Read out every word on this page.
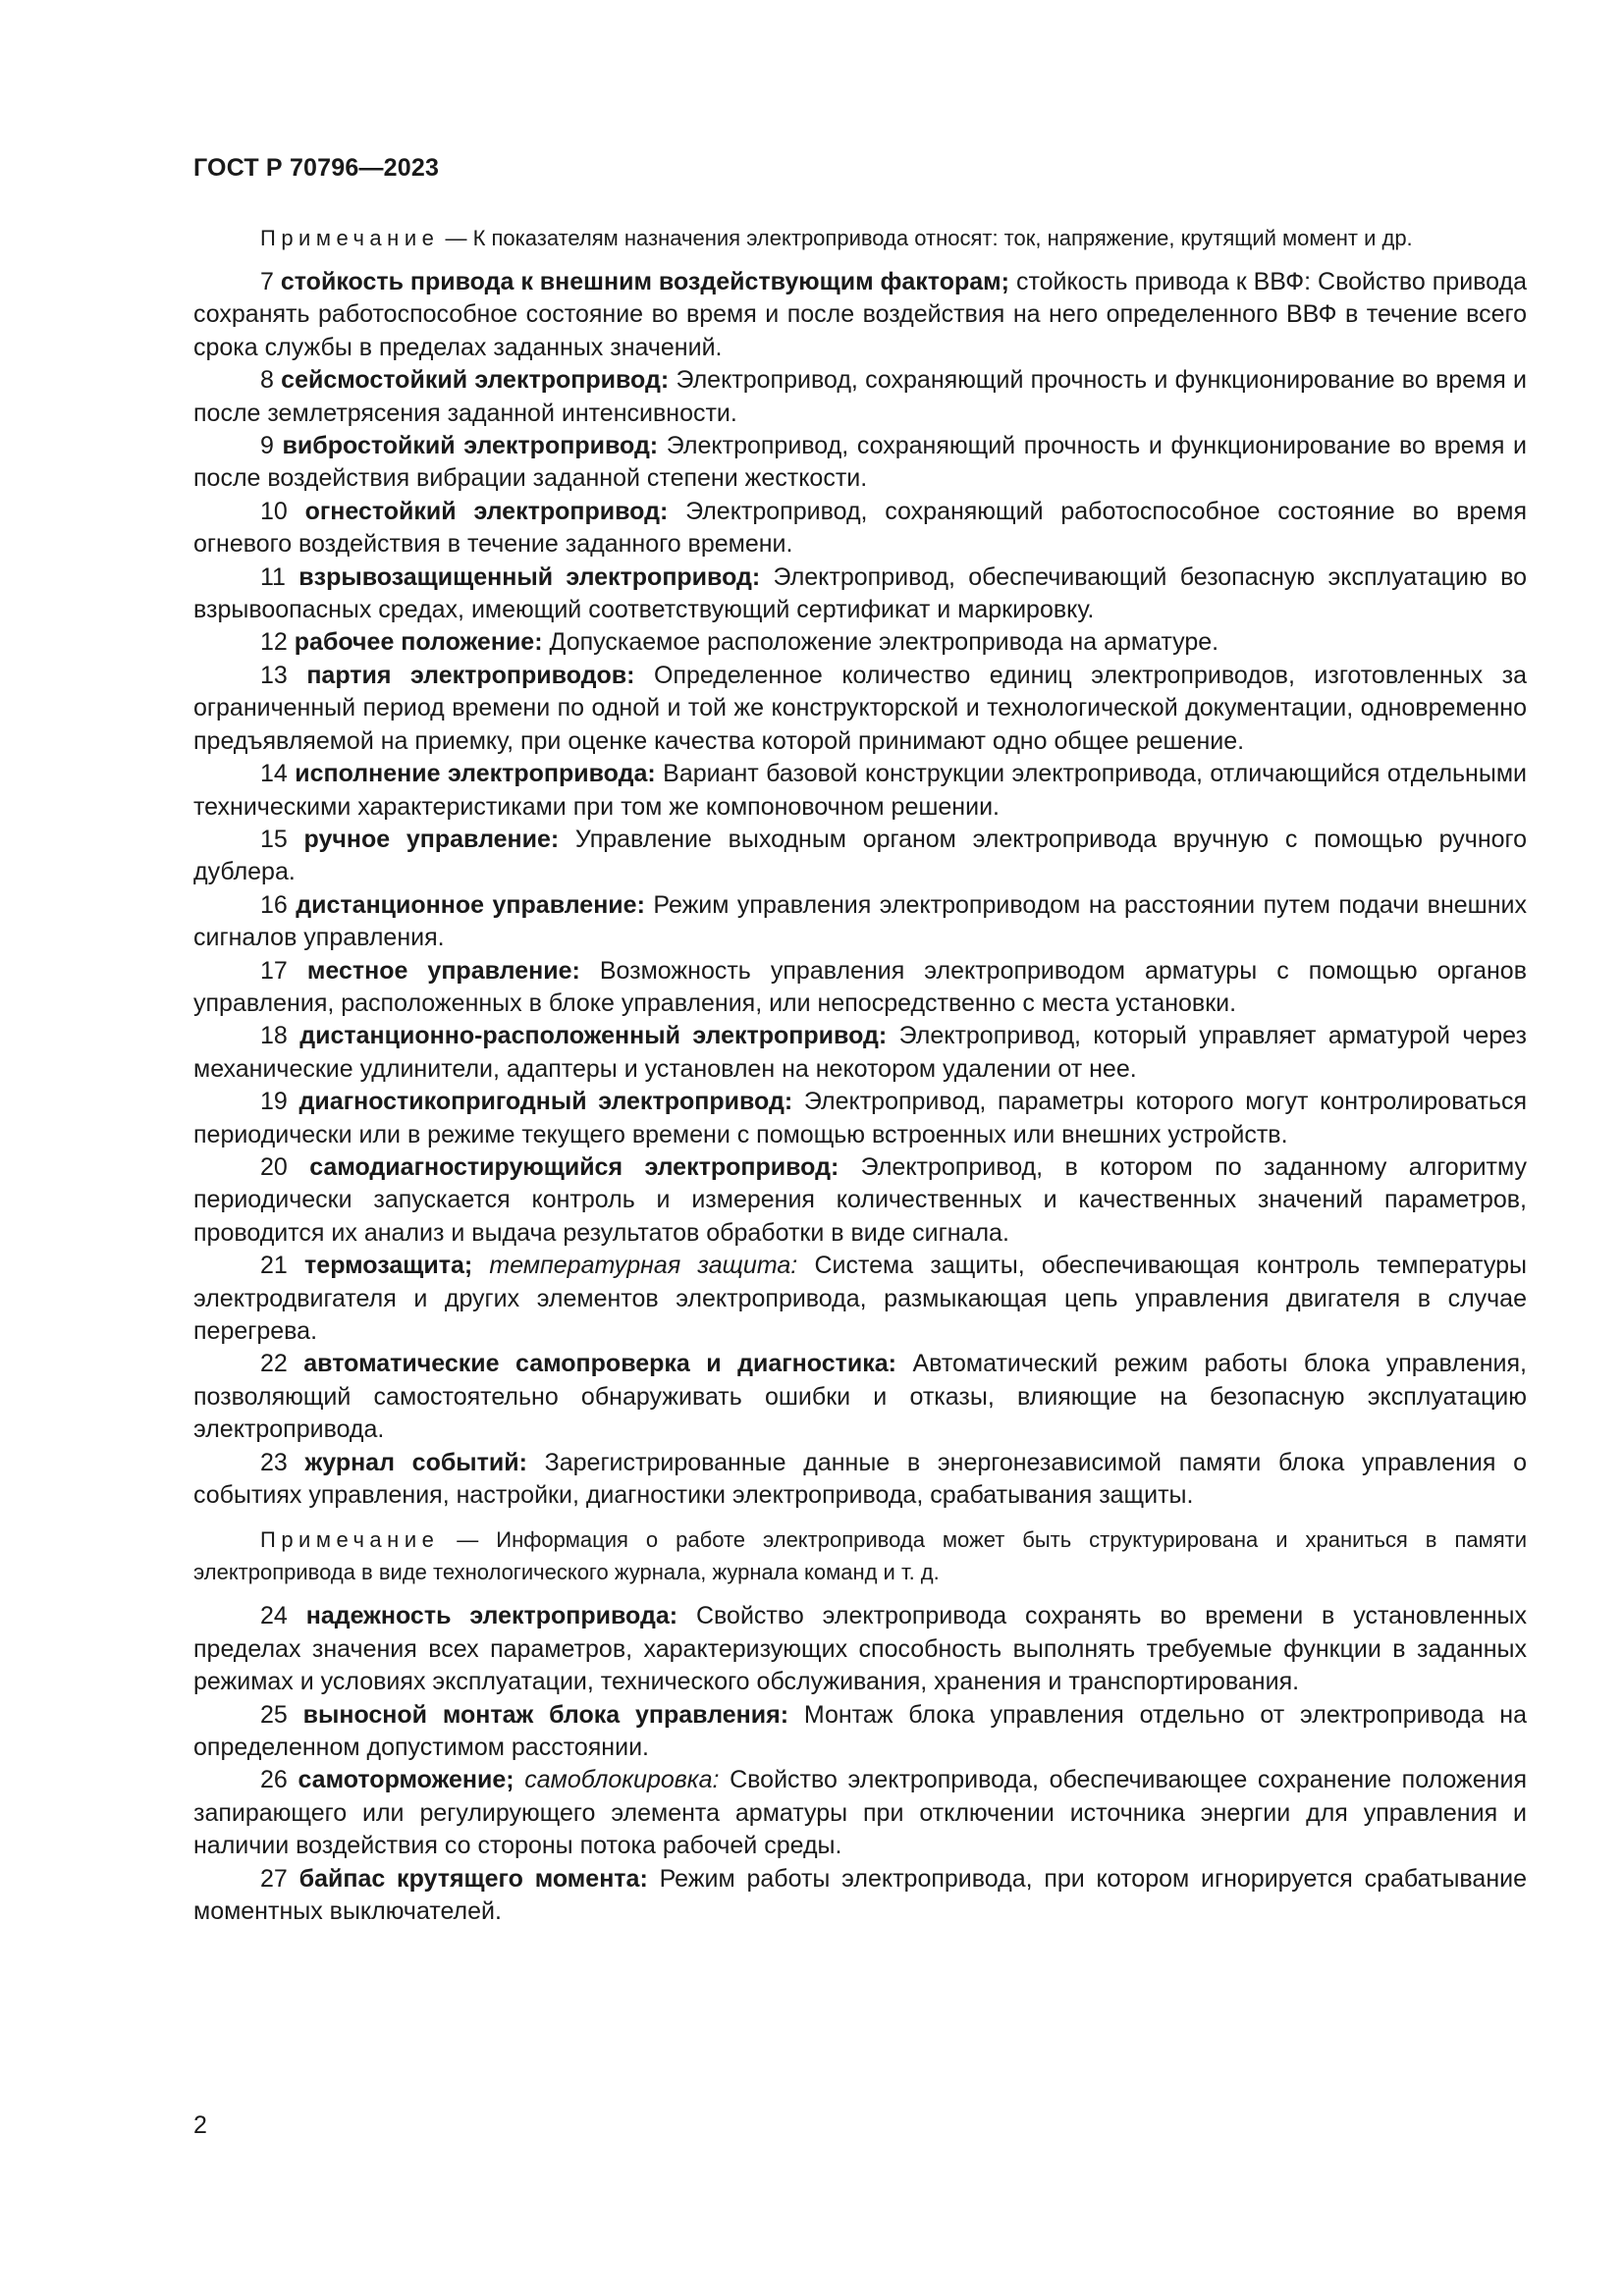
ГОСТ Р 70796—2023

Примечание — К показателям назначения электропривода относят: ток, напряжение, крутящий момент и др.

7 стойкость привода к внешним воздействующим факторам; стойкость привода к ВВФ: Свойство привода сохранять работоспособное состояние во время и после воздействия на него определенного ВВФ в течение всего срока службы в пределах заданных значений.

8 сейсмостойкий электропривод: Электропривод, сохраняющий прочность и функционирование во время и после землетрясения заданной интенсивности.

9 вибростойкий электропривод: Электропривод, сохраняющий прочность и функционирование во время и после воздействия вибрации заданной степени жесткости.

10 огнестойкий электропривод: Электропривод, сохраняющий работоспособное состояние во время огневого воздействия в течение заданного времени.

11 взрывозащищенный электропривод: Электропривод, обеспечивающий безопасную эксплуатацию во взрывоопасных средах, имеющий соответствующий сертификат и маркировку.

12 рабочее положение: Допускаемое расположение электропривода на арматуре.

13 партия электроприводов: Определенное количество единиц электроприводов, изготовленных за ограниченный период времени по одной и той же конструкторской и технологической документации, одновременно предъявляемой на приемку, при оценке качества которой принимают одно общее решение.

14 исполнение электропривода: Вариант базовой конструкции электропривода, отличающийся отдельными техническими характеристиками при том же компоновочном решении.

15 ручное управление: Управление выходным органом электропривода вручную с помощью ручного дублера.

16 дистанционное управление: Режим управления электроприводом на расстоянии путем подачи внешних сигналов управления.

17 местное управление: Возможность управления электроприводом арматуры с помощью органов управления, расположенных в блоке управления, или непосредственно с места установки.

18 дистанционно-расположенный электропривод: Электропривод, который управляет арматурой через механические удлинители, адаптеры и установлен на некотором удалении от нее.

19 диагностикопригодный электропривод: Электропривод, параметры которого могут контролироваться периодически или в режиме текущего времени с помощью встроенных или внешних устройств.

20 самодиагностирующийся электропривод: Электропривод, в котором по заданному алгоритму периодически запускается контроль и измерения количественных и качественных значений параметров, проводится их анализ и выдача результатов обработки в виде сигнала.

21 термозащита; температурная защита: Система защиты, обеспечивающая контроль температуры электродвигателя и других элементов электропривода, размыкающая цепь управления двигателя в случае перегрева.

22 автоматические самопроверка и диагностика: Автоматический режим работы блока управления, позволяющий самостоятельно обнаруживать ошибки и отказы, влияющие на безопасную эксплуатацию электропривода.

23 журнал событий: Зарегистрированные данные в энергонезависимой памяти блока управления о событиях управления, настройки, диагностики электропривода, срабатывания защиты.

Примечание — Информация о работе электропривода может быть структурирована и храниться в памяти электропривода в виде технологического журнала, журнала команд и т. д.

24 надежность электропривода: Свойство электропривода сохранять во времени в установленных пределах значения всех параметров, характеризующих способность выполнять требуемые функции в заданных режимах и условиях эксплуатации, технического обслуживания, хранения и транспортирования.

25 выносной монтаж блока управления: Монтаж блока управления отдельно от электропривода на определенном допустимом расстоянии.

26 самоторможение; самоблокировка: Свойство электропривода, обеспечивающее сохранение положения запирающего или регулирующего элемента арматуры при отключении источника энергии для управления и наличии воздействия со стороны потока рабочей среды.

27 байпас крутящего момента: Режим работы электропривода, при котором игнорируется срабатывание моментных выключателей.

2
